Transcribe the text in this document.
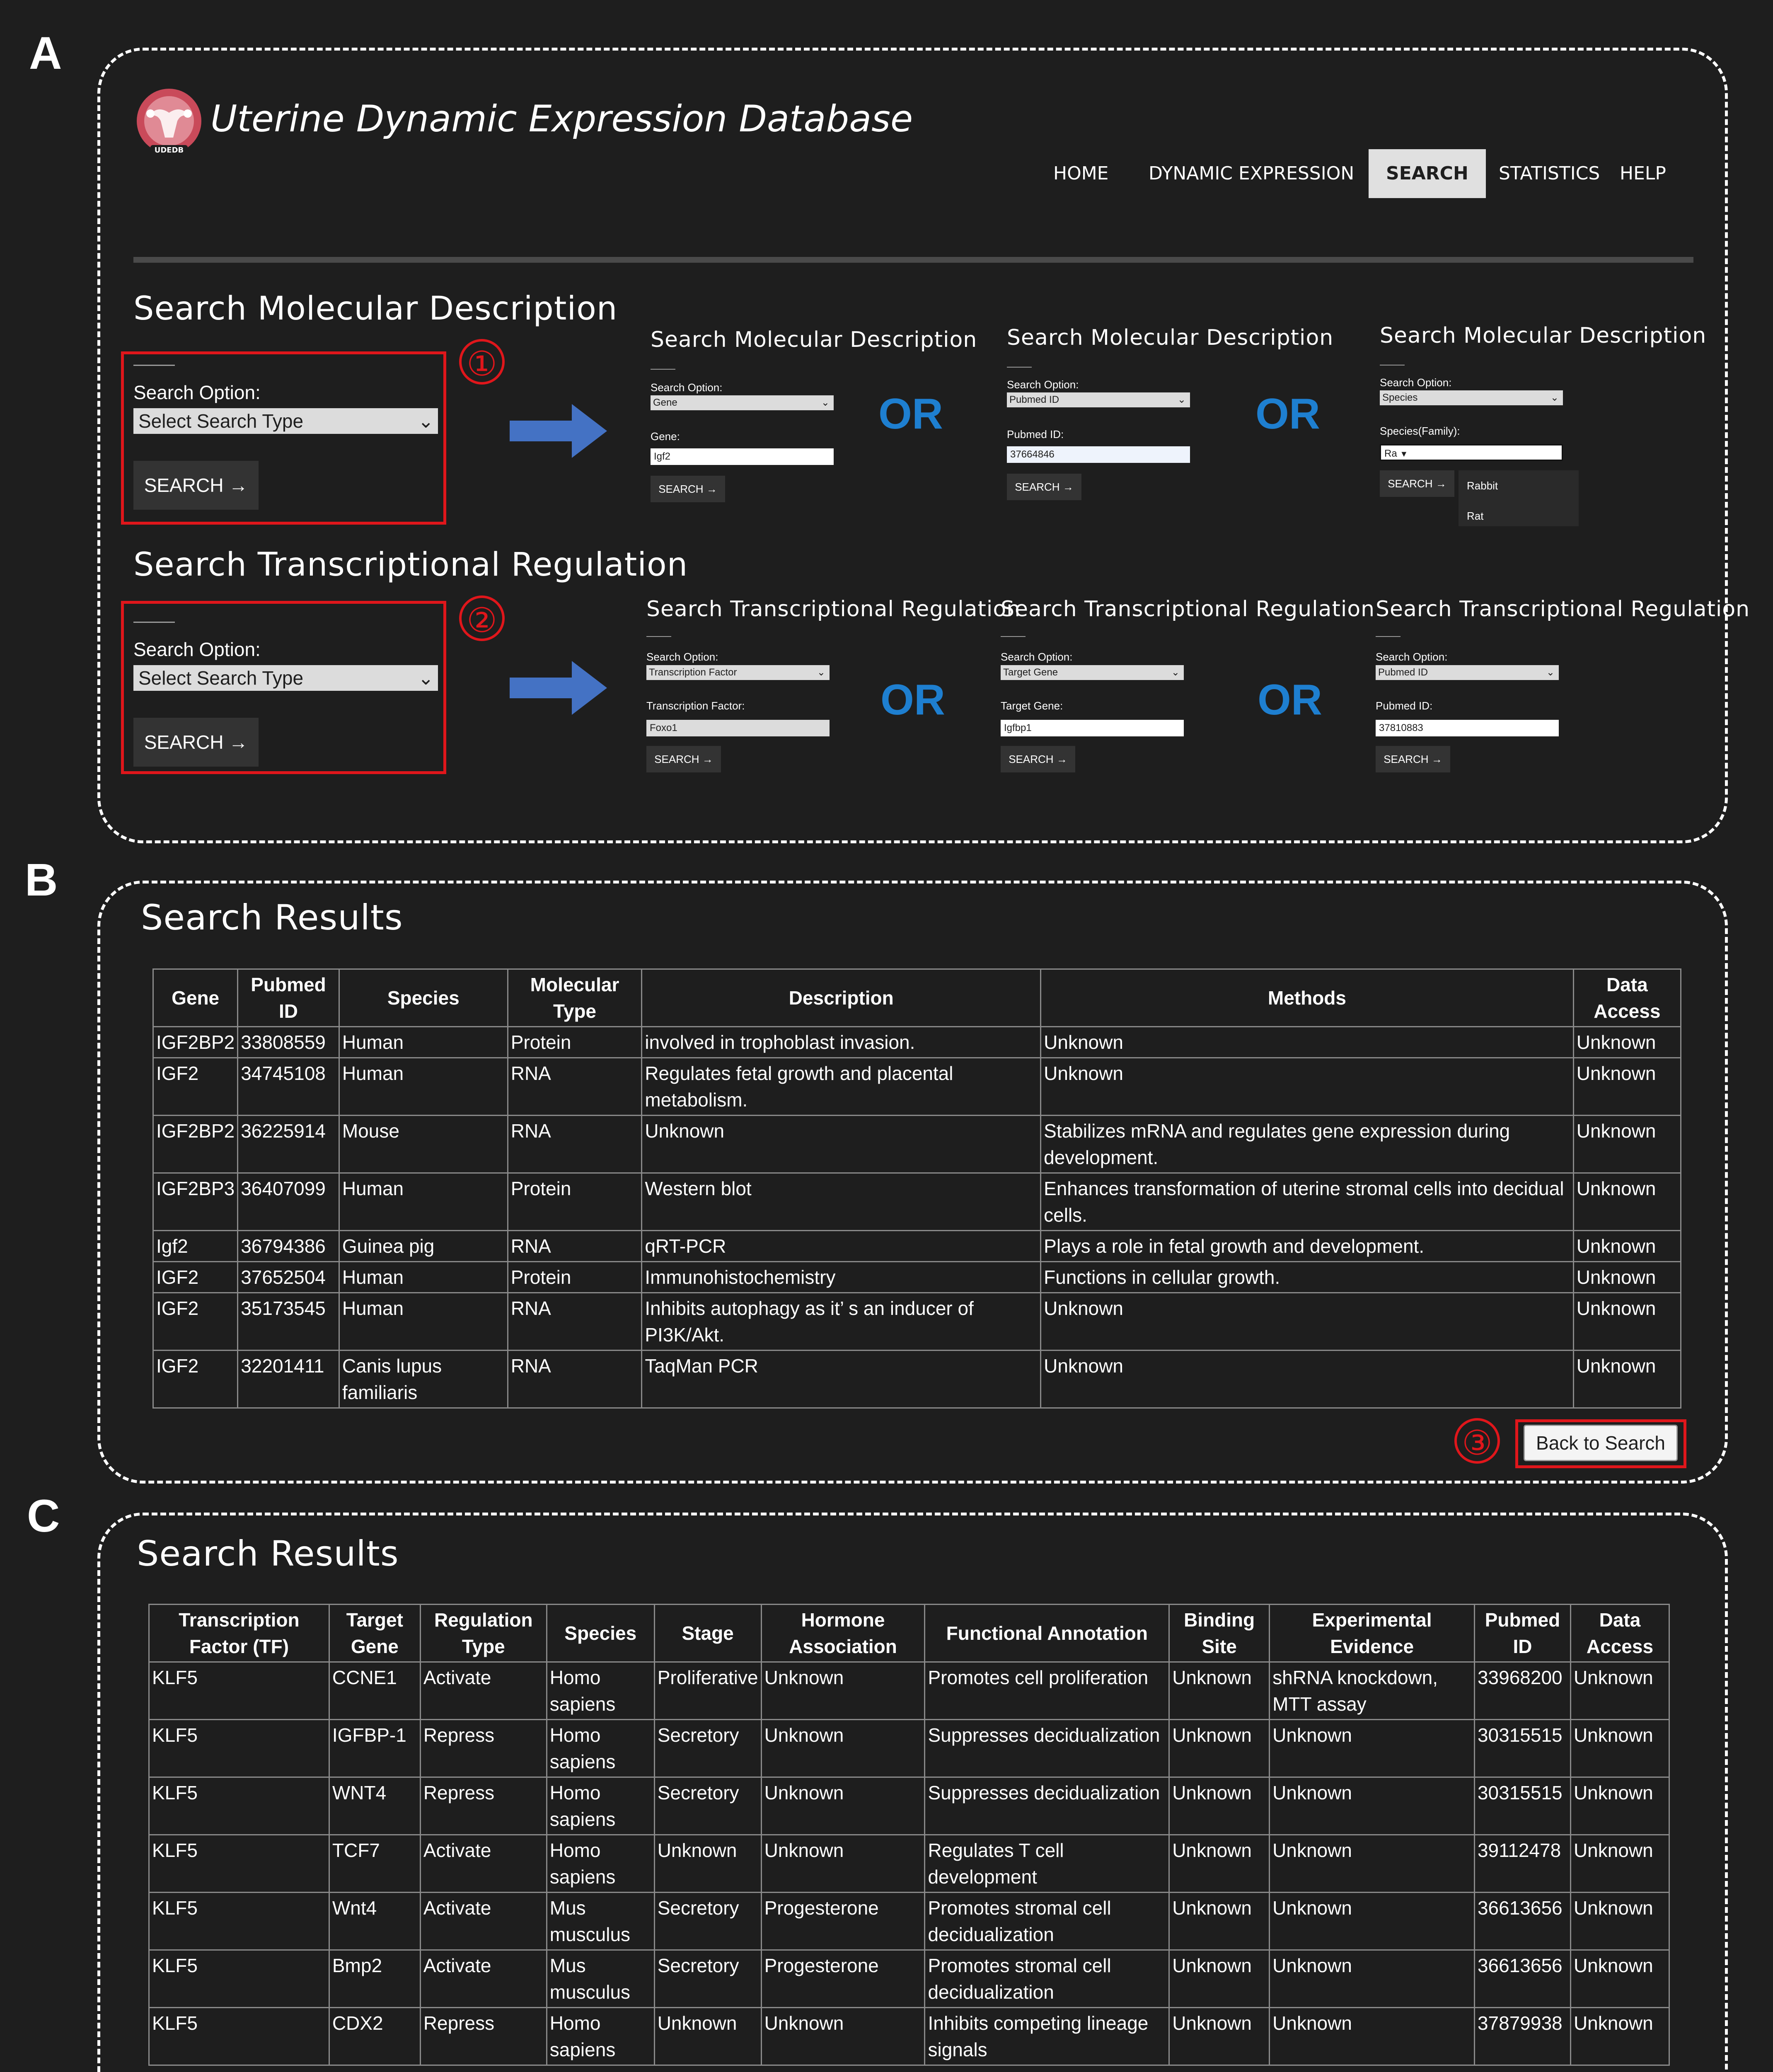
A
B
C
UDEDB
Uterine Dynamic Expression Database
HOME	DYNAMIC EXPRESSION	SEARCH	STATISTICS	HELP
Search Molecular Description
Search Option:
Select Search Type	⌄
SEARCH →
①
Search Molecular Description
Search Option:
Gene	⌄
Gene:
Igf2
SEARCH →
OR
Search Molecular Description
Search Option:
Pubmed ID	⌄
Pubmed ID:
37664846
SEARCH →
OR
Search Molecular Description
Search Option:
Species	⌄
Species(Family):
Ra ▼
SEARCH →	Rabbit
Rat
Search Transcriptional Regulation
Search Option:
Select Search Type	⌄
SEARCH →
②	Search Transcriptional Regulation
Search Option:
Transcription Factor	⌄
Transcription Factor:
Foxo1
SEARCH →
OR
Search Transcriptional Regulation
Search Option:
Target Gene	⌄
Target Gene:
Igfbp1
SEARCH →
OR
Search Transcriptional Regulation
Search Option:
Pubmed ID	⌄
Pubmed ID:
37810883
SEARCH →
Search Results
Gene	Pubmed ID	Species	Molecular Type	Description	Methods	Data Access
IGF2BP2	33808559	Human	Protein	involved in trophoblast invasion.	Unknown	Unknown
IGF2	34745108	Human	RNA	Regulates fetal growth and placental metabolism.	Unknown	Unknown
IGF2BP2	36225914	Mouse	RNA	Unknown	Stabilizes mRNA and regulates gene expression during development.	Unknown
IGF2BP3	36407099	Human	Protein	Western blot	Enhances transformation of uterine stromal cells into decidual cells.	Unknown
Igf2	36794386	Guinea pig	RNA	qRT-PCR	Plays a role in fetal growth and development.	Unknown
IGF2	37652504	Human	Protein	Immunohistochemistry	Functions in cellular growth.	Unknown
IGF2	35173545	Human	RNA	Inhibits autophagy as it’ s an inducer of PI3K/Akt.	Unknown	Unknown
IGF2	32201411	Canis lupus familiaris	RNA	TaqMan PCR	Unknown	Unknown
Back to Search
③
Search Results
Transcription Factor (TF)	Target Gene	Regulation Type	Species	Stage	Hormone Association	Functional Annotation	Binding Site	Experimental Evidence	Pubmed ID	Data Access
KLF5	CCNE1	Activate	Homo sapiens	Proliferative	Unknown	Promotes cell proliferation	Unknown	shRNA knockdown, MTT assay	33968200	Unknown
KLF5	IGFBP-1	Repress	Homo sapiens	Secretory	Unknown	Suppresses decidualization	Unknown	Unknown	30315515	Unknown
KLF5	WNT4	Repress	Homo sapiens	Secretory	Unknown	Suppresses decidualization	Unknown	Unknown	30315515	Unknown
KLF5	TCF7	Activate	Homo sapiens	Unknown	Unknown	Regulates T cell development	Unknown	Unknown	39112478	Unknown
KLF5	Wnt4	Activate	Mus musculus	Secretory	Progesterone	Promotes stromal cell decidualization	Unknown	Unknown	36613656	Unknown
KLF5	Bmp2	Activate	Mus musculus	Secretory	Progesterone	Promotes stromal cell decidualization	Unknown	Unknown	36613656	Unknown
KLF5	CDX2	Repress	Homo sapiens	Unknown	Unknown	Inhibits competing lineage signals	Unknown	Unknown	37879938	Unknown
